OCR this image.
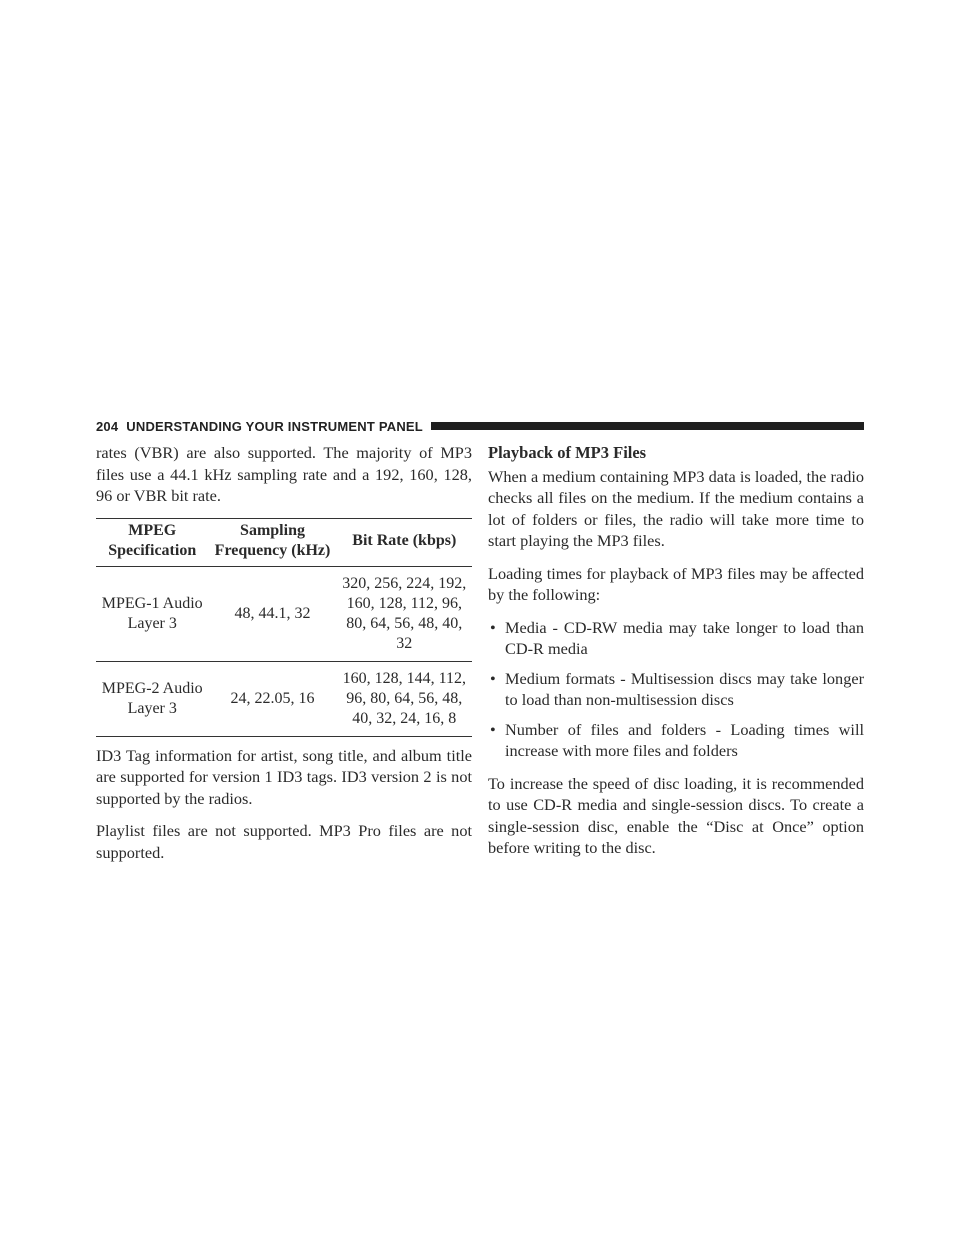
204 UNDERSTANDING YOUR INSTRUMENT PANEL

rates (VBR) are also supported. The majority of MP3 files use a 44.1 kHz sampling rate and a 192, 160, 128, 96 or VBR bit rate.

MPEG Specification	Sampling Frequency (kHz)	Bit Rate (kbps)
MPEG-1 Audio Layer 3	48, 44.1, 32	320, 256, 224, 192, 160, 128, 112, 96, 80, 64, 56, 48, 40, 32
MPEG-2 Audio Layer 3	24, 22.05, 16	160, 128, 144, 112, 96, 80, 64, 56, 48, 40, 32, 24, 16, 8

ID3 Tag information for artist, song title, and album title are supported for version 1 ID3 tags. ID3 version 2 is not supported by the radios.

Playlist files are not supported. MP3 Pro files are not supported.

Playback of MP3 Files

When a medium containing MP3 data is loaded, the radio checks all files on the medium. If the medium contains a lot of folders or files, the radio will take more time to start playing the MP3 files.

Loading times for playback of MP3 files may be affected by the following:

• Media - CD-RW media may take longer to load than CD-R media
• Medium formats - Multisession discs may take longer to load than non-multisession discs
• Number of files and folders - Loading times will increase with more files and folders

To increase the speed of disc loading, it is recommended to use CD-R media and single-session discs. To create a single-session disc, enable the “Disc at Once” option before writing to the disc.
